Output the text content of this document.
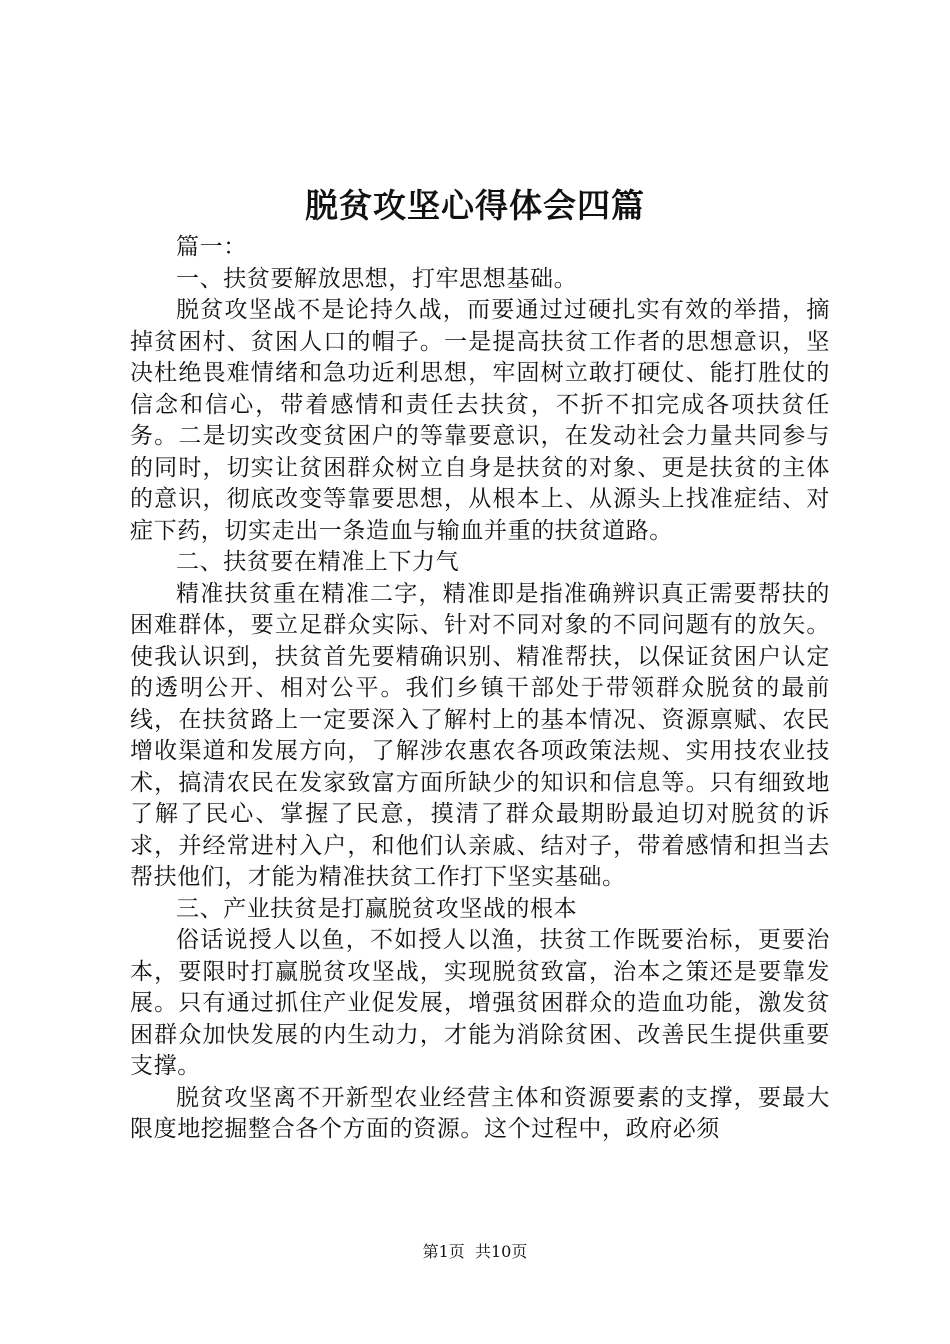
脱贫攻坚心得体会四篇

篇一：

一、扶贫要解放思想，打牢思想基础。

脱贫攻坚战不是论持久战，而要通过过硬扎实有效的举措，摘掉贫困村、贫困人口的帽子。一是提高扶贫工作者的思想意识，坚决杜绝畏难情绪和急功近利思想，牢固树立敢打硬仗、能打胜仗的信念和信心，带着感情和责任去扶贫，不折不扣完成各项扶贫任务。二是切实改变贫困户的等靠要意识，在发动社会力量共同参与的同时，切实让贫困群众树立自身是扶贫的对象、更是扶贫的主体的意识，彻底改变等靠要思想，从根本上、从源头上找准症结、对症下药，切实走出一条造血与输血并重的扶贫道路。

二、扶贫要在精准上下力气

精准扶贫重在精准二字，精准即是指准确辨识真正需要帮扶的困难群体，要立足群众实际、针对不同对象的不同问题有的放矢。使我认识到，扶贫首先要精确识别、精准帮扶，以保证贫困户认定的透明公开、相对公平。我们乡镇干部处于带领群众脱贫的最前线，在扶贫路上一定要深入了解村上的基本情况、资源禀赋、农民增收渠道和发展方向，了解涉农惠农各项政策法规、实用技农业技术，搞清农民在发家致富方面所缺少的知识和信息等。只有细致地了解了民心、掌握了民意，摸清了群众最期盼最迫切对脱贫的诉求，并经常进村入户，和他们认亲戚、结对子，带着感情和担当去帮扶他们，才能为精准扶贫工作打下坚实基础。

三、产业扶贫是打赢脱贫攻坚战的根本

俗话说授人以鱼，不如授人以渔，扶贫工作既要治标，更要治本，要限时打赢脱贫攻坚战，实现脱贫致富，治本之策还是要靠发展。只有通过抓住产业促发展，增强贫困群众的造血功能，激发贫困群众加快发展的内生动力，才能为消除贫困、改善民生提供重要支撑。

脱贫攻坚离不开新型农业经营主体和资源要素的支撑，要最大限度地挖掘整合各个方面的资源。这个过程中，政府必须

第1页 共10页
